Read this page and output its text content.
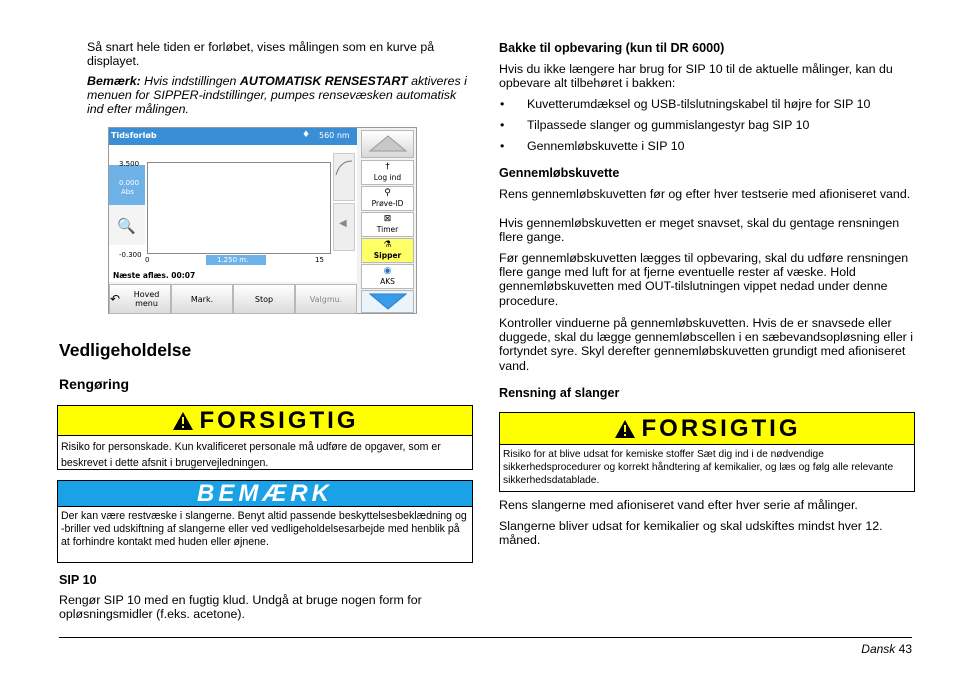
Så snart hele tiden er forløbet, vises målingen som en kurve på displayet.

Bemærk: Hvis indstillingen AUTOMATISK RENSESTART aktiveres i menuen for SIPPER-indstillinger, pumpes rensevæsken automatisk ind efter målingen.

Tidsforløb	560 nm
♦
3.500
0.000
Abs
🔍
-0.300
0	1.250 m.	15
Næste aflæs. 00:07
◀
↶	Hoved menu	Mark.	Stop	Valgmu.
†
Log ind
⚲
Prøve-ID
⊠
Timer
⚗
Sipper
◉
AKS
Vedligeholdelse
Rengøring
FORSIGTIG
Risiko for personskade. Kun kvalificeret personale må udføre de opgaver, som er beskrevet i dette afsnit i brugervejledningen.
BEMÆRK
Der kan være restvæske i slangerne. Benyt altid passende beskyttelsesbeklædning og -briller ved udskiftning af slangerne eller ved vedligeholdelsesarbejde med henblik på at forhindre kontakt med huden eller øjnene.
SIP 10

Rengør SIP 10 med en fugtig klud. Undgå at bruge nogen form for opløsningsmidler (f.eks. acetone).

Bakke til opbevaring (kun til DR 6000)

Hvis du ikke længere har brug for SIP 10 til de aktuelle målinger, kan du opbevare alt tilbehøret i bakken:

• Kuvetterumdæksel og USB-tilslutningskabel til højre for SIP 10
• Tilpassede slanger og gummislangestyr bag SIP 10
• Gennemløbskuvette i SIP 10
Gennemløbskuvette

Rens gennemløbskuvetten før og efter hver testserie med afioniseret vand.

Hvis gennemløbskuvetten er meget snavset, skal du gentage rensningen flere gange.

Før gennemløbskuvetten lægges til opbevaring, skal du udføre rensningen flere gange med luft for at fjerne eventuelle rester af væske. Hold gennemløbskuvetten med OUT-tilslutningen vippet nedad under denne procedure.

Kontroller vinduerne på gennemløbskuvetten. Hvis de er snavsede eller duggede, skal du lægge gennemløbscellen i en sæbevandsopløsning eller i fortyndet syre. Skyl derefter gennemløbskuvetten grundigt med afioniseret vand.

Rensning af slanger
FORSIGTIG
Risiko for at blive udsat for kemiske stoffer Sæt dig ind i de nødvendige sikkerhedsprocedurer og korrekt håndtering af kemikalier, og læs og følg alle relevante sikkerhedsdatablade.

Rens slangerne med afioniseret vand efter hver serie af målinger.

Slangerne bliver udsat for kemikalier og skal udskiftes mindst hver 12. måned.

Dansk 43
